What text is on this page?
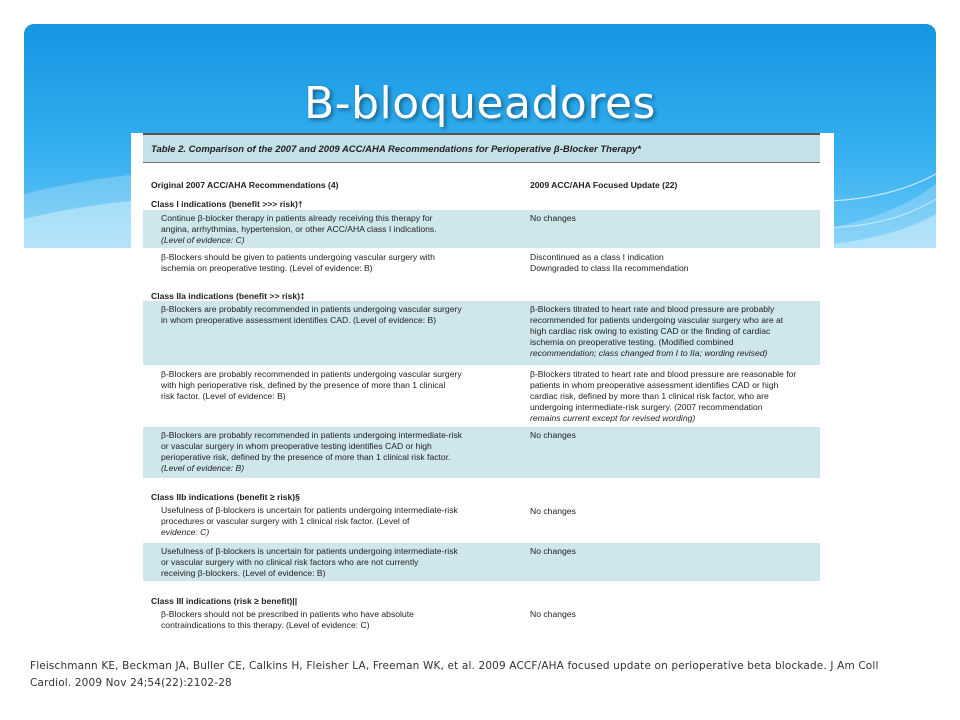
B-bloqueadores
Table 2. Comparison of the 2007 and 2009 ACC/AHA Recommendations for Perioperative β-Blocker Therapy*
Original 2007 ACC/AHA Recommendations (4)	2009 ACC/AHA Focused Update (22)
Class I indications (benefit >>> risk)†
Continue β-blocker therapy in patients already receiving this therapy for
angina, arrhythmias, hypertension, or other ACC/AHA class I indications.
(Level of evidence: C)
No changes
β-Blockers should be given to patients undergoing vascular surgery with
ischemia on preoperative testing. (Level of evidence: B)
Discontinued as a class I indication
Downgraded to class IIa recommendation
Class IIa indications (benefit >> risk)‡
β-Blockers are probably recommended in patients undergoing vascular surgery
in whom preoperative assessment identifies CAD. (Level of evidence: B)
β-Blockers titrated to heart rate and blood pressure are probably
recommended for patients undergoing vascular surgery who are at
high cardiac risk owing to existing CAD or the finding of cardiac
ischemia on preoperative testing. (Modified combined
recommendation; class changed from I to IIa; wording revised)
β-Blockers are probably recommended in patients undergoing vascular surgery
with high perioperative risk, defined by the presence of more than 1 clinical
risk factor. (Level of evidence: B)
β-Blockers titrated to heart rate and blood pressure are reasonable for
patients in whom preoperative assessment identifies CAD or high
cardiac risk, defined by more than 1 clinical risk factor, who are
undergoing intermediate-risk surgery. (2007 recommendation
remains current except for revised wording)
β-Blockers are probably recommended in patients undergoing intermediate-risk
or vascular surgery in whom preoperative testing identifies CAD or high
perioperative risk, defined by the presence of more than 1 clinical risk factor.
(Level of evidence: B)
No changes
Class IIb indications (benefit ≥ risk)§
Usefulness of β-blockers is uncertain for patients undergoing intermediate-risk
procedures or vascular surgery with 1 clinical risk factor. (Level of
evidence: C)
No changes
Usefulness of β-blockers is uncertain for patients undergoing intermediate-risk
or vascular surgery with no clinical risk factors who are not currently
receiving β-blockers. (Level of evidence: B)
No changes
Class III indications (risk ≥ benefit)||
β-Blockers should not be prescribed in patients who have absolute
contraindications to this therapy. (Level of evidence: C)
No changes
Fleischmann KE, Beckman JA, Buller CE, Calkins H, Fleisher LA, Freeman WK, et al. 2009 ACCF/AHA focused update on perioperative beta blockade. J Am Coll
Cardiol. 2009 Nov 24;54(22):2102-28
